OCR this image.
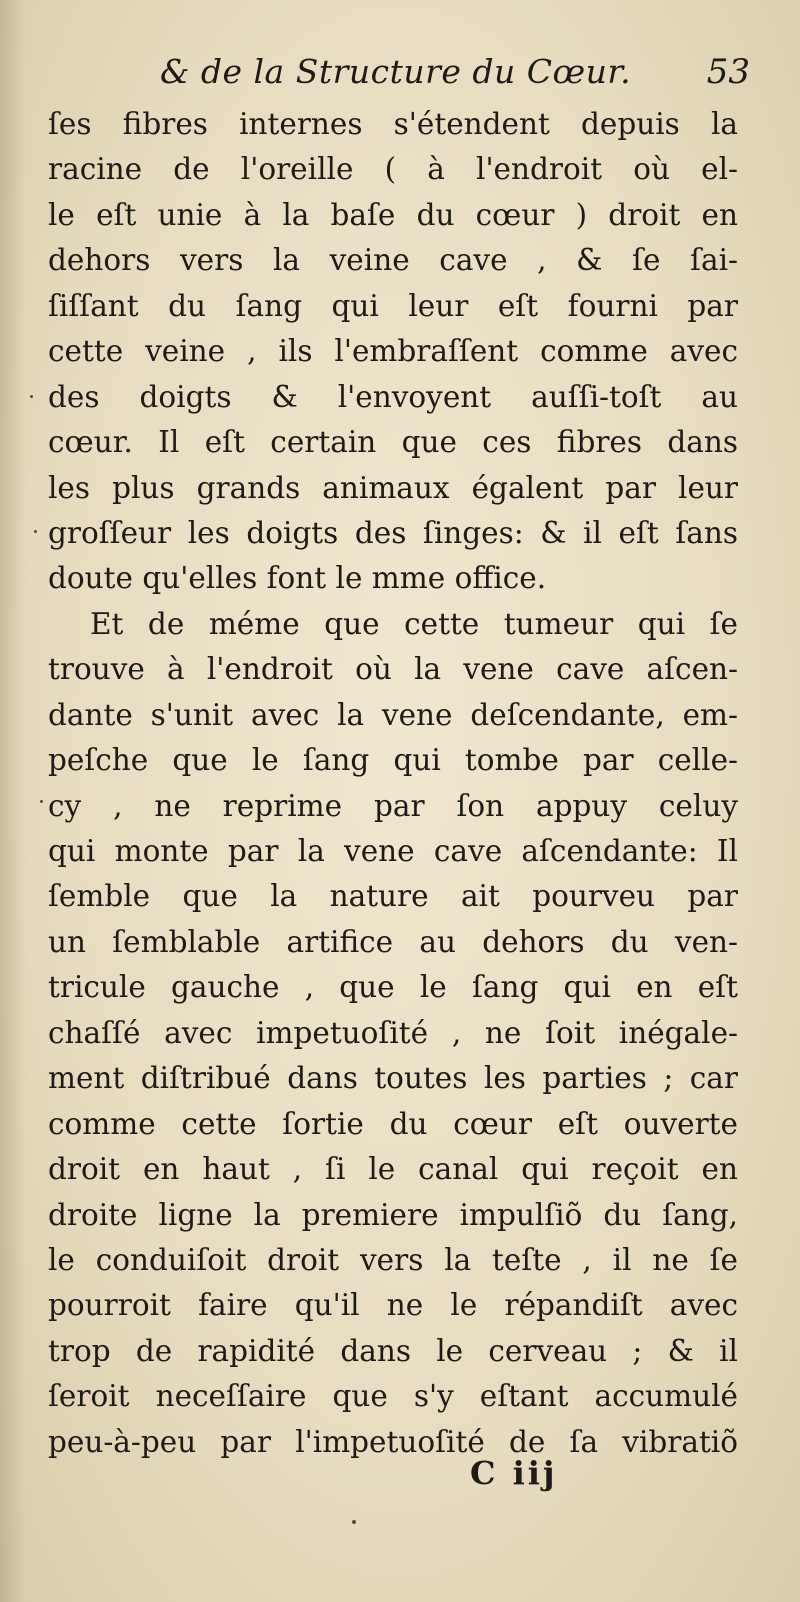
& de la Structure du Cœur. 53
ſes fibres internes s'étendent depuis la
racine de l'oreille ( à l'endroit où el-
le eſt unie à la baſe du cœur ) droit en
dehors vers la veine cave , & ſe ſai-
ſiſſant du ſang qui leur eſt fourni par
cette veine , ils l'embraſſent comme avec
des doigts & l'envoyent auſſi-toſt au
cœur. Il eſt certain que ces fibres dans
les plus grands animaux égalent par leur
groſſeur les doigts des ſinges: & il eſt ſans
doute qu'elles font le mme office.
Et de méme que cette tumeur qui ſe
trouve à l'endroit où la vene cave aſcen-
dante s'unit avec la vene deſcendante, em-
peſche que le ſang qui tombe par celle-
cy , ne reprime par ſon appuy celuy
qui monte par la vene cave aſcendante: Il
ſemble que la nature ait pourveu par
un ſemblable artifice au dehors du ven-
tricule gauche , que le ſang qui en eſt
chaſſé avec impetuoſité , ne ſoit inégale-
ment diſtribué dans toutes les parties ; car
comme cette ſortie du cœur eſt ouverte
droit en haut , ſi le canal qui reçoit en
droite ligne la premiere impulſiõ du ſang,
le conduiſoit droit vers la teſte , il ne ſe
pourroit faire qu'il ne le répandiſt avec
trop de rapidité dans le cerveau ; & il
ſeroit neceſſaire que s'y eſtant accumulé
peu-à-peu par l'impetuoſité de ſa vibratiõ
C iij
